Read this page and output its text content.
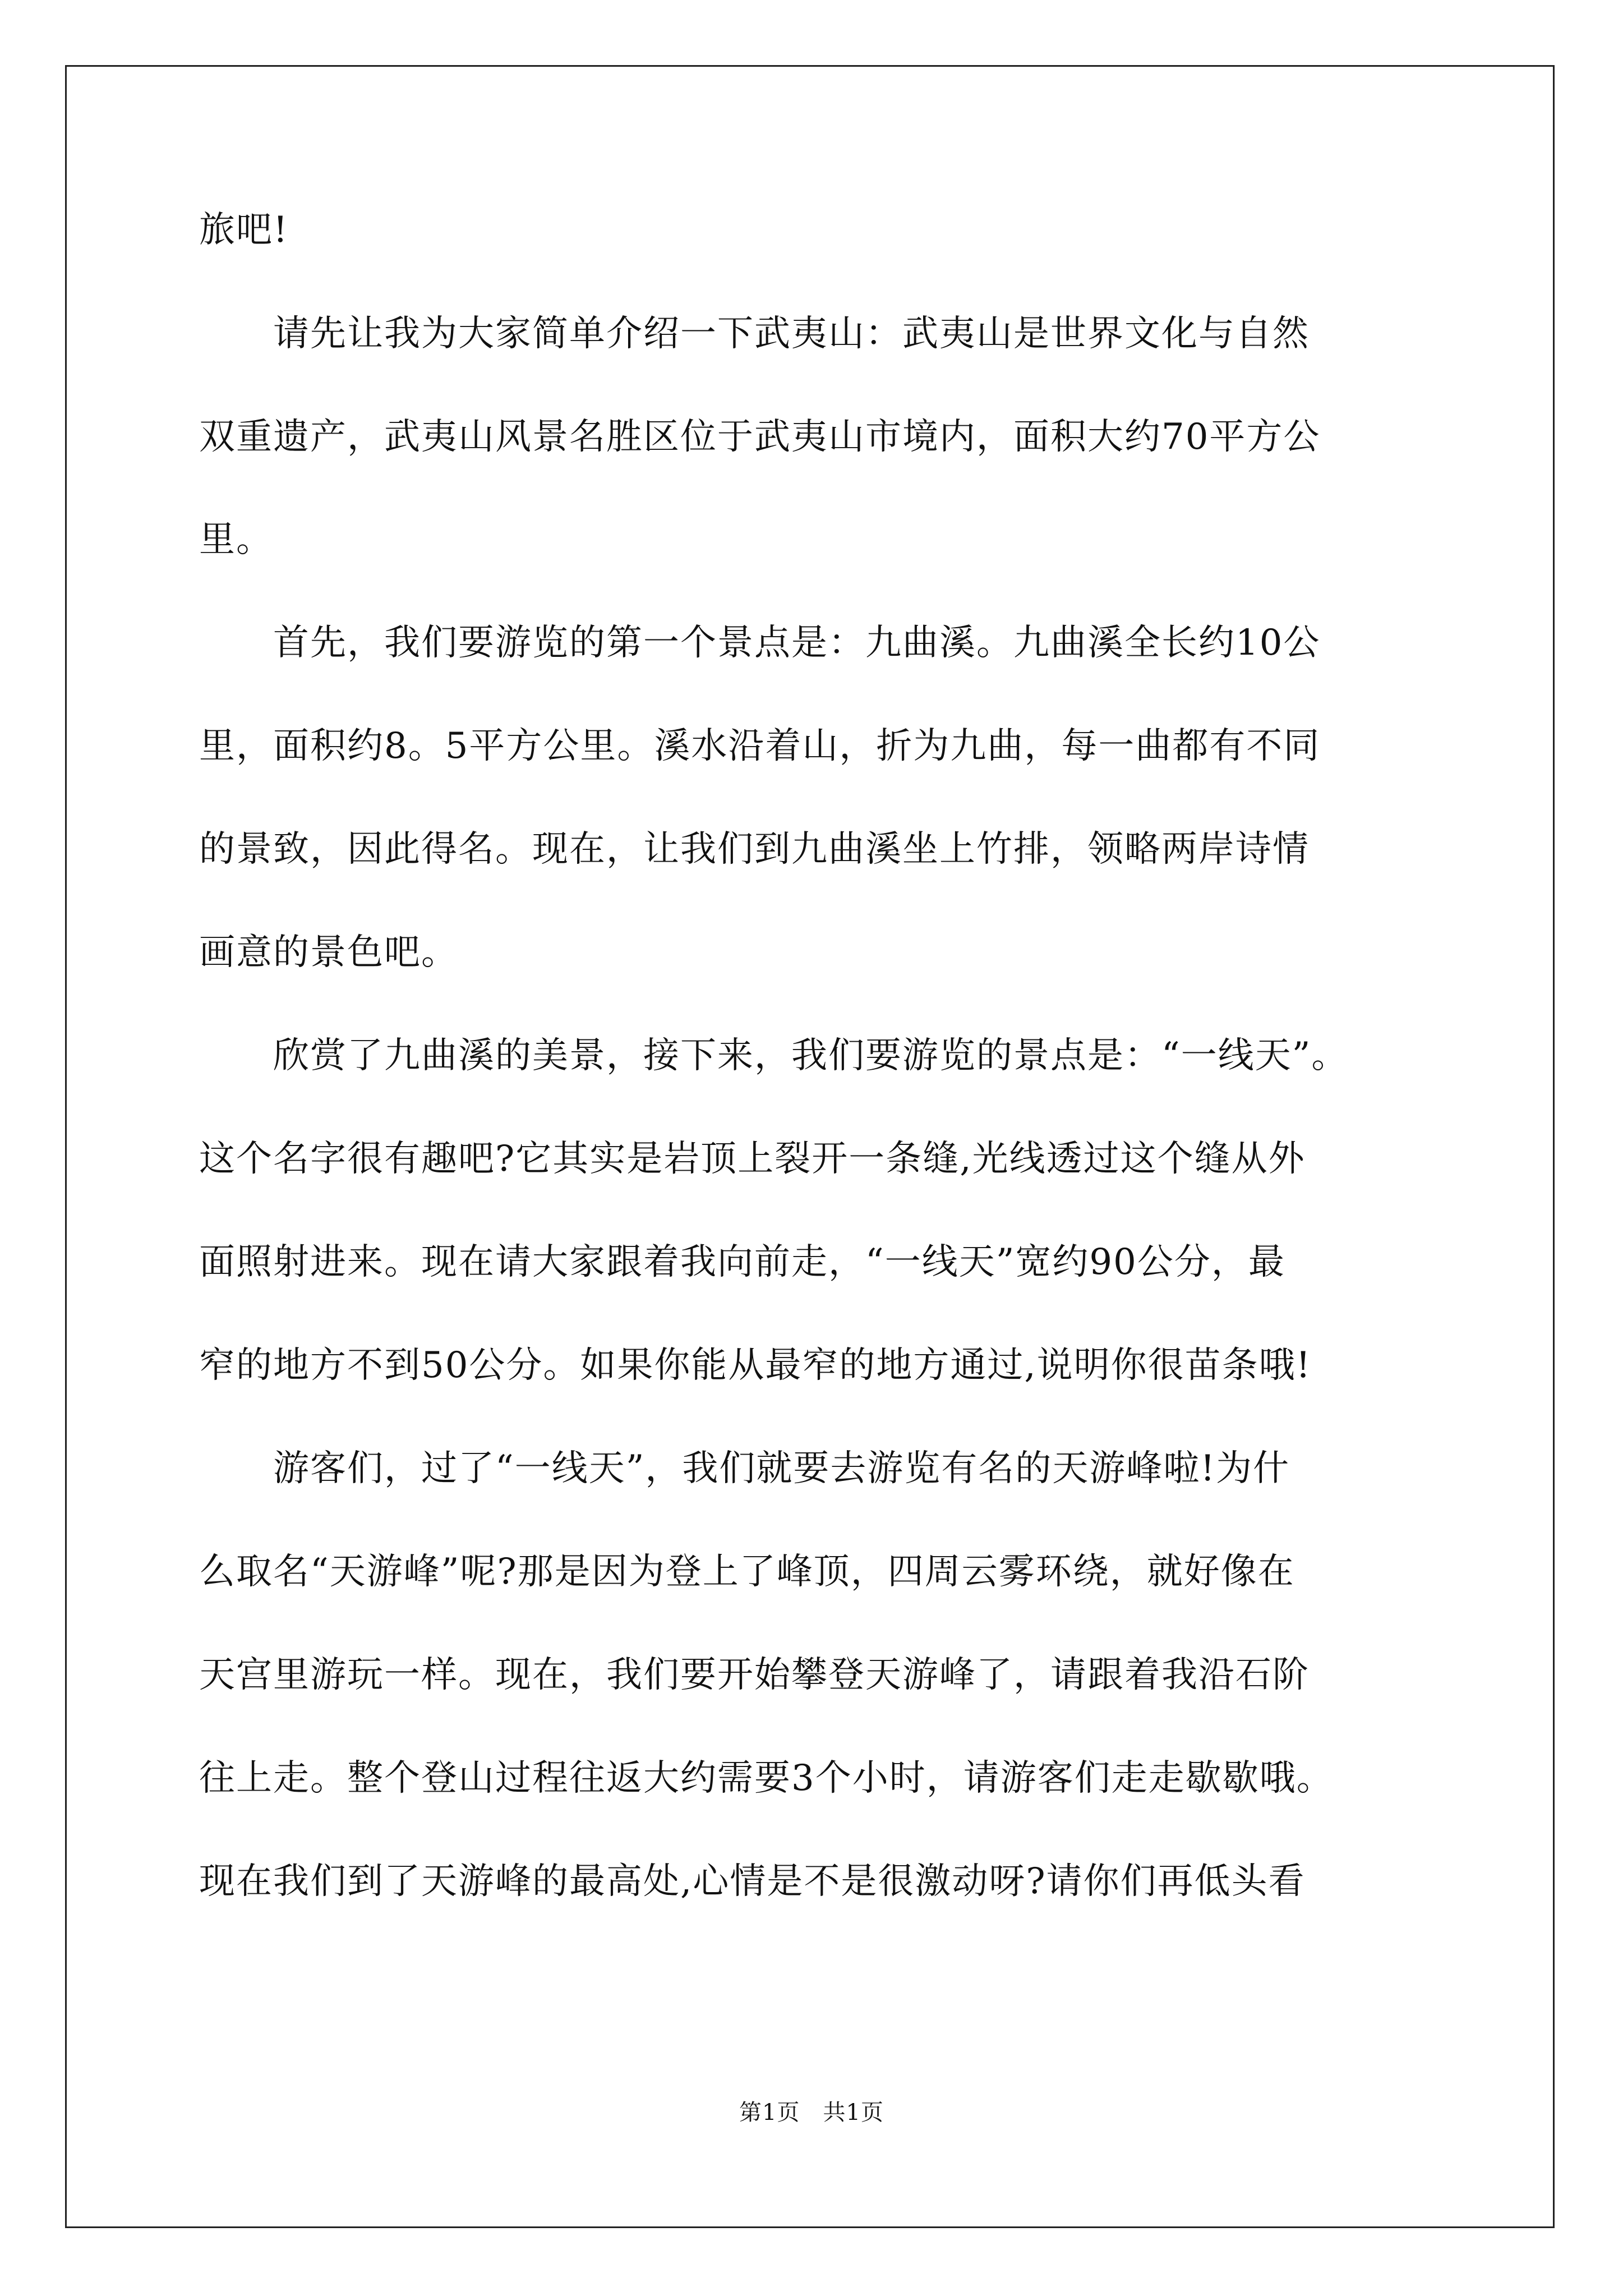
旅吧!
　　请先让我为大家简单介绍一下武夷山：武夷山是世界文化与自然
双重遗产，武夷山风景名胜区位于武夷山市境内，面积大约70平方公
里。
　　首先，我们要游览的第一个景点是：九曲溪。九曲溪全长约10公
里，面积约8。5平方公里。溪水沿着山，折为九曲，每一曲都有不同
的景致，因此得名。现在，让我们到九曲溪坐上竹排，领略两岸诗情
画意的景色吧。
　　欣赏了九曲溪的美景，接下来，我们要游览的景点是：“一线天”。
这个名字很有趣吧?它其实是岩顶上裂开一条缝,光线透过这个缝从外
面照射进来。现在请大家跟着我向前走，“一线天”宽约90公分，最
窄的地方不到50公分。如果你能从最窄的地方通过,说明你很苗条哦!
　　游客们，过了“一线天”，我们就要去游览有名的天游峰啦!为什
么取名“天游峰”呢?那是因为登上了峰顶，四周云雾环绕，就好像在
天宫里游玩一样。现在，我们要开始攀登天游峰了，请跟着我沿石阶
往上走。整个登山过程往返大约需要3个小时，请游客们走走歇歇哦。
现在我们到了天游峰的最高处,心情是不是很激动呀?请你们再低头看
第1页　共1页
